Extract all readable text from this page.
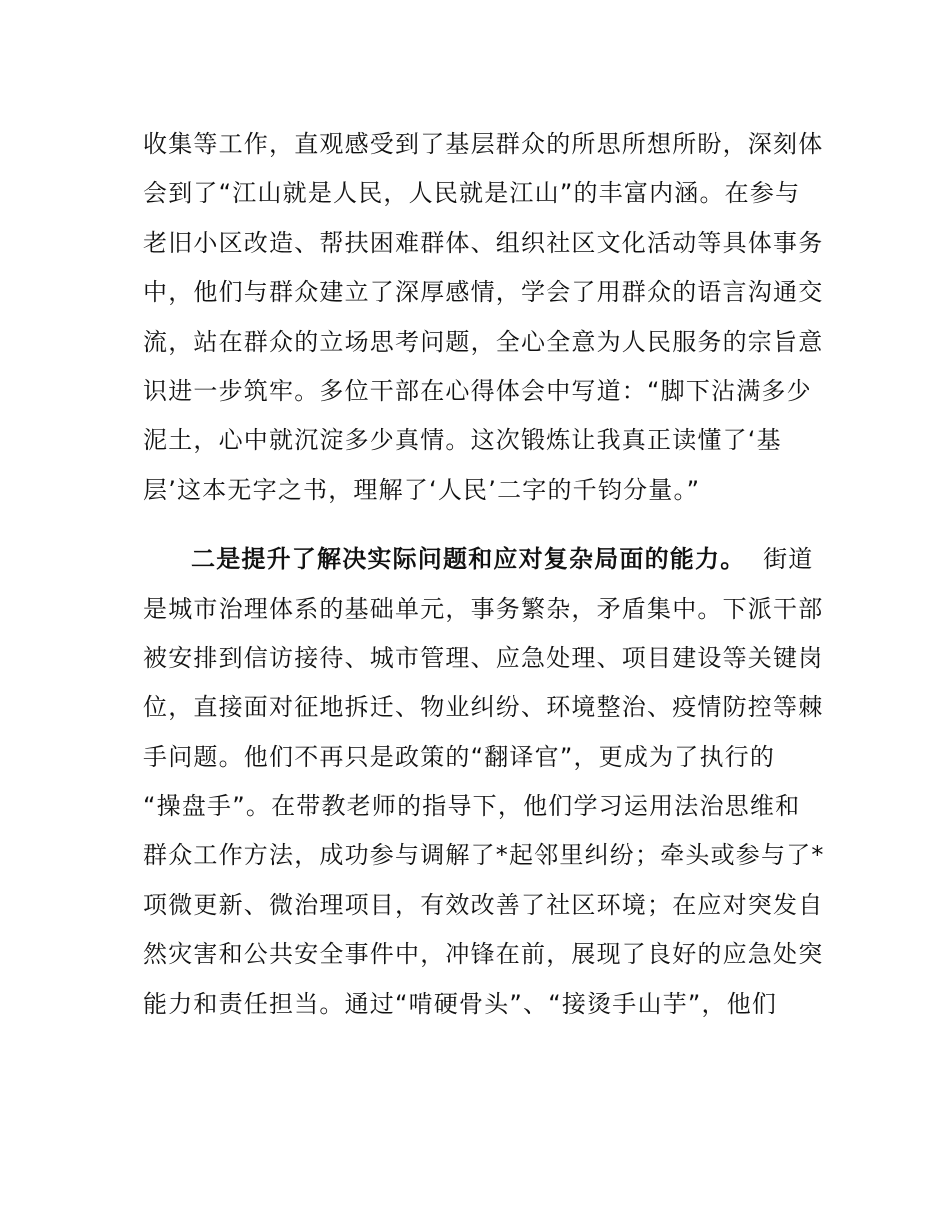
收集等工作，直观感受到了基层群众的所思所想所盼，深刻体
会到了“江山就是人民，人民就是江山”的丰富内涵。在参与
老旧小区改造、帮扶困难群体、组织社区文化活动等具体事务
中，他们与群众建立了深厚感情，学会了用群众的语言沟通交
流，站在群众的立场思考问题，全心全意为人民服务的宗旨意
识进一步筑牢。多位干部在心得体会中写道：“脚下沾满多少
泥土，心中就沉淀多少真情。这次锻炼让我真正读懂了‘基
层’这本无字之书，理解了‘人民’二字的千钧分量。”
二是提升了解决实际问题和应对复杂局面的能力。 街道
是城市治理体系的基础单元，事务繁杂，矛盾集中。下派干部
被安排到信访接待、城市管理、应急处理、项目建设等关键岗
位，直接面对征地拆迁、物业纠纷、环境整治、疫情防控等棘
手问题。他们不再只是政策的“翻译官”，更成为了执行的
“操盘手”。在带教老师的指导下，他们学习运用法治思维和
群众工作方法，成功参与调解了*起邻里纠纷；牵头或参与了*
项微更新、微治理项目，有效改善了社区环境；在应对突发自
然灾害和公共安全事件中，冲锋在前，展现了良好的应急处突
能力和责任担当。通过“啃硬骨头”、“接烫手山芋”，他们
